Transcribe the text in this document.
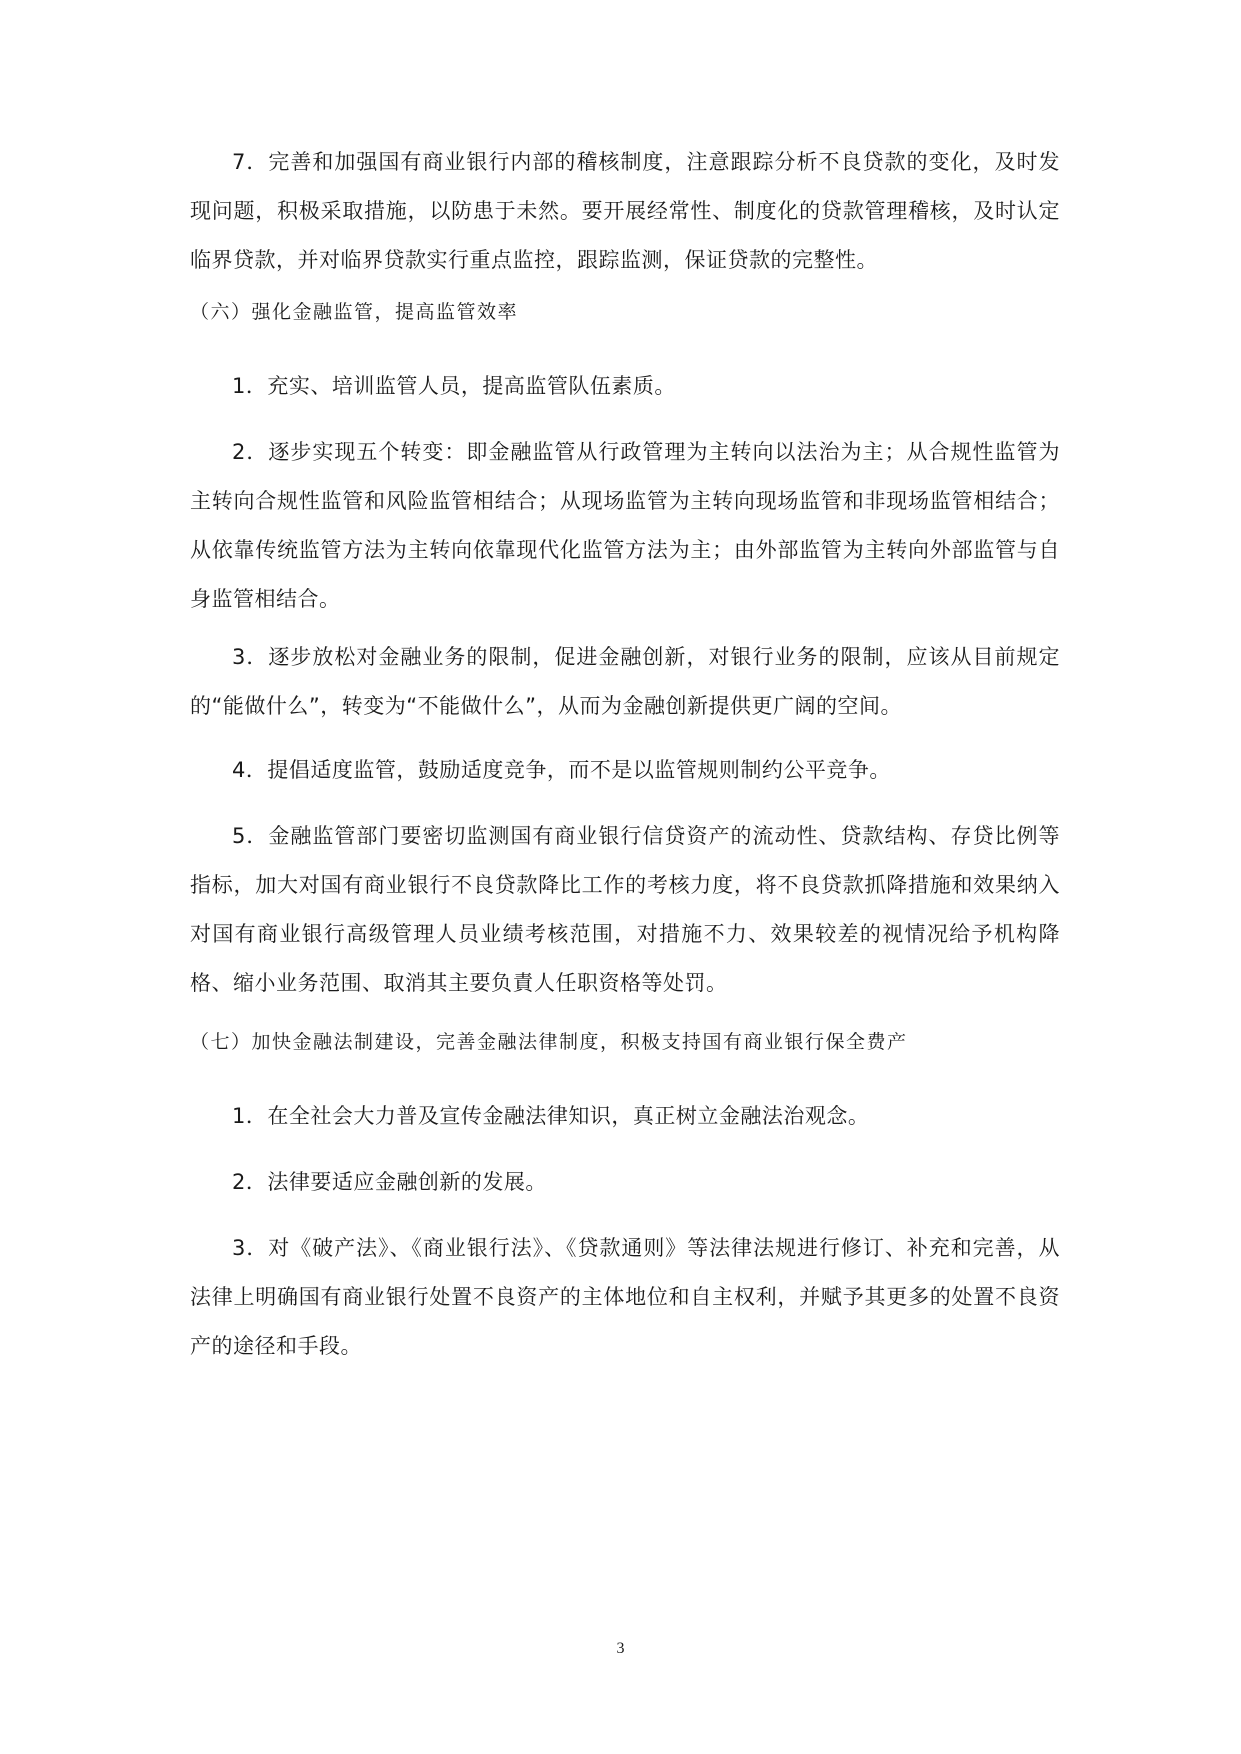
7．完善和加强国有商业银行内部的稽核制度，注意跟踪分析不良贷款的变化，及时发现问题，积极采取措施，以防患于未然。要开展经常性、制度化的贷款管理稽核，及时认定临界贷款，并对临界贷款实行重点监控，跟踪监测，保证贷款的完整性。

（六）强化金融监管，提高监管效率

1．充实、培训监管人员，提高监管队伍素质。

2．逐步实现五个转变：即金融监管从行政管理为主转向以法治为主；从合规性监管为主转向合规性监管和风险监管相结合；从现场监管为主转向现场监管和非现场监管相结合；从依靠传统监管方法为主转向依靠现代化监管方法为主；由外部监管为主转向外部监管与自身监管相结合。

3．逐步放松对金融业务的限制，促进金融创新，对银行业务的限制，应该从目前规定的“能做什么”，转变为“不能做什么”，从而为金融创新提供更广阔的空间。

4．提倡适度监管，鼓励适度竞争，而不是以监管规则制约公平竞争。

5．金融监管部门要密切监测国有商业银行信贷资产的流动性、贷款结构、存贷比例等指标，加大对国有商业银行不良贷款降比工作的考核力度，将不良贷款抓降措施和效果纳入对国有商业银行高级管理人员业绩考核范围，对措施不力、效果较差的视情况给予机构降格、缩小业务范围、取消其主要负責人任职资格等处罚。

（七）加快金融法制建设，完善金融法律制度，积极支持国有商业银行保全费产

1．在全社会大力普及宣传金融法律知识，真正树立金融法治观念。

2．法律要适应金融创新的发展。

3．对《破产法》、《商业银行法》、《贷款通则》等法律法规进行修订、补充和完善，从法律上明确国有商业银行处置不良资产的主体地位和自主权利，并赋予其更多的处置不良资产的途径和手段。

3
